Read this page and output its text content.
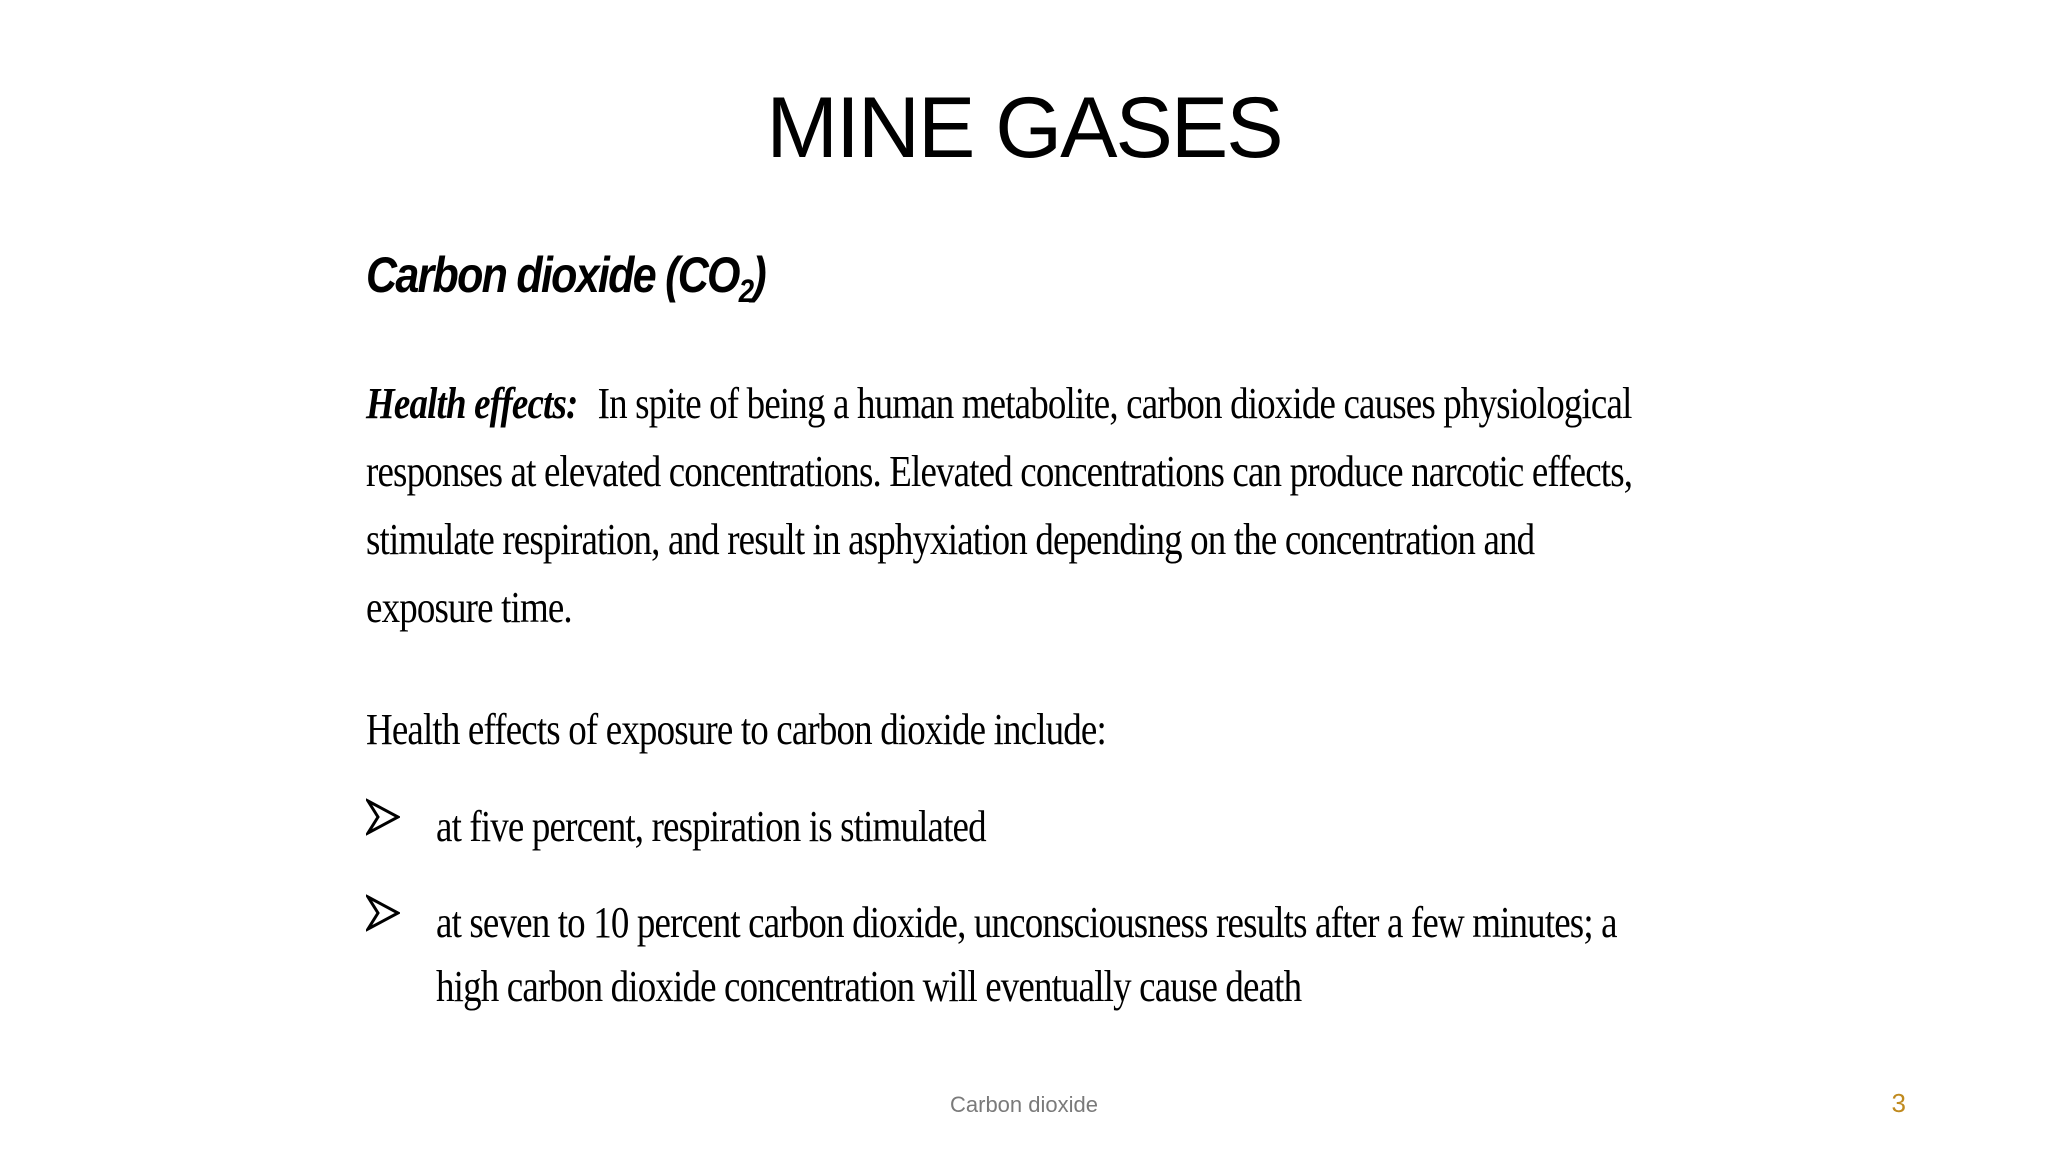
MINE GASES
Carbon dioxide $(CO_2)$
Health effects: In spite of being a human metabolite, carbon dioxide causes physiological responses at elevated concentrations. Elevated concentrations can produce narcotic effects, stimulate respiration, and result in asphyxiation depending on the concentration and exposure time.
Health effects of exposure to carbon dioxide include:
at five percent, respiration is stimulated
at seven to 10 percent carbon dioxide, unconsciousness results after a few minutes; a high carbon dioxide concentration will eventually cause death
Carbon dioxide	3
